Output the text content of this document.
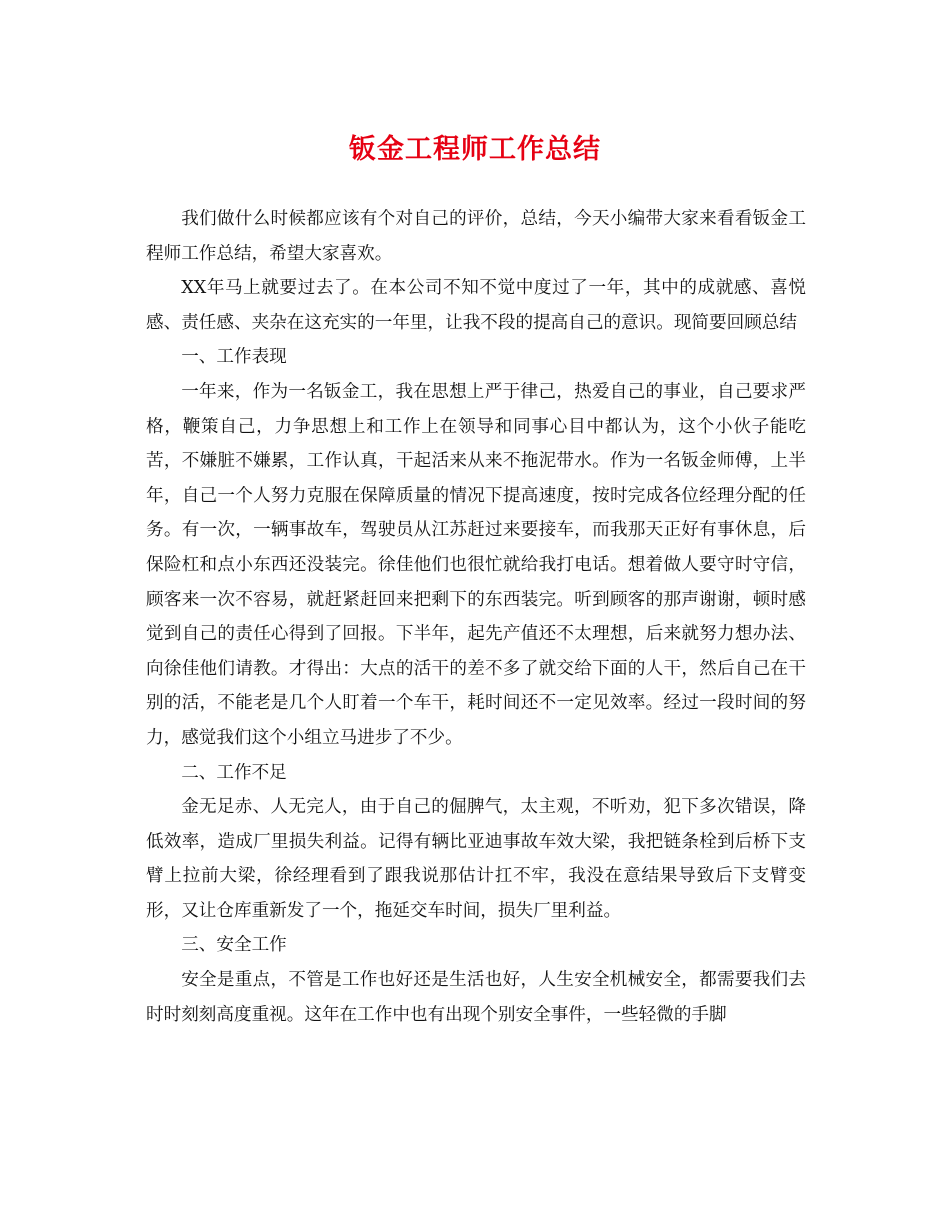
钣金工程师工作总结

我们做什么时候都应该有个对自己的评价，总结，今天小编带大家来看看钣金工程师工作总结，希望大家喜欢。

XX年马上就要过去了。在本公司不知不觉中度过了一年，其中的成就感、喜悦感、责任感、夹杂在这充实的一年里，让我不段的提高自己的意识。现简要回顾总结

一、工作表现

一年来，作为一名钣金工，我在思想上严于律己，热爱自己的事业，自己要求严格，鞭策自己，力争思想上和工作上在领导和同事心目中都认为，这个小伙子能吃苦，不嫌脏不嫌累，工作认真，干起活来从来不拖泥带水。作为一名钣金师傅，上半年，自己一个人努力克服在保障质量的情况下提高速度，按时完成各位经理分配的任务。有一次，一辆事故车，驾驶员从江苏赶过来要接车，而我那天正好有事休息，后保险杠和点小东西还没装完。徐佳他们也很忙就给我打电话。想着做人要守时守信，顾客来一次不容易，就赶紧赶回来把剩下的东西装完。听到顾客的那声谢谢，顿时感觉到自己的责任心得到了回报。下半年，起先产值还不太理想，后来就努力想办法、向徐佳他们请教。才得出：大点的活干的差不多了就交给下面的人干，然后自己在干别的活，不能老是几个人盯着一个车干，耗时间还不一定见效率。经过一段时间的努力，感觉我们这个小组立马进步了不少。

二、工作不足

金无足赤、人无完人，由于自己的倔脾气，太主观，不听劝，犯下多次错误，降低效率，造成厂里损失利益。记得有辆比亚迪事故车效大梁，我把链条栓到后桥下支臂上拉前大梁，徐经理看到了跟我说那估计扛不牢，我没在意结果导致后下支臂变形，又让仓库重新发了一个，拖延交车时间，损失厂里利益。

三、安全工作

安全是重点，不管是工作也好还是生活也好，人生安全机械安全，都需要我们去时时刻刻高度重视。这年在工作中也有出现个别安全事件，一些轻微的手脚
